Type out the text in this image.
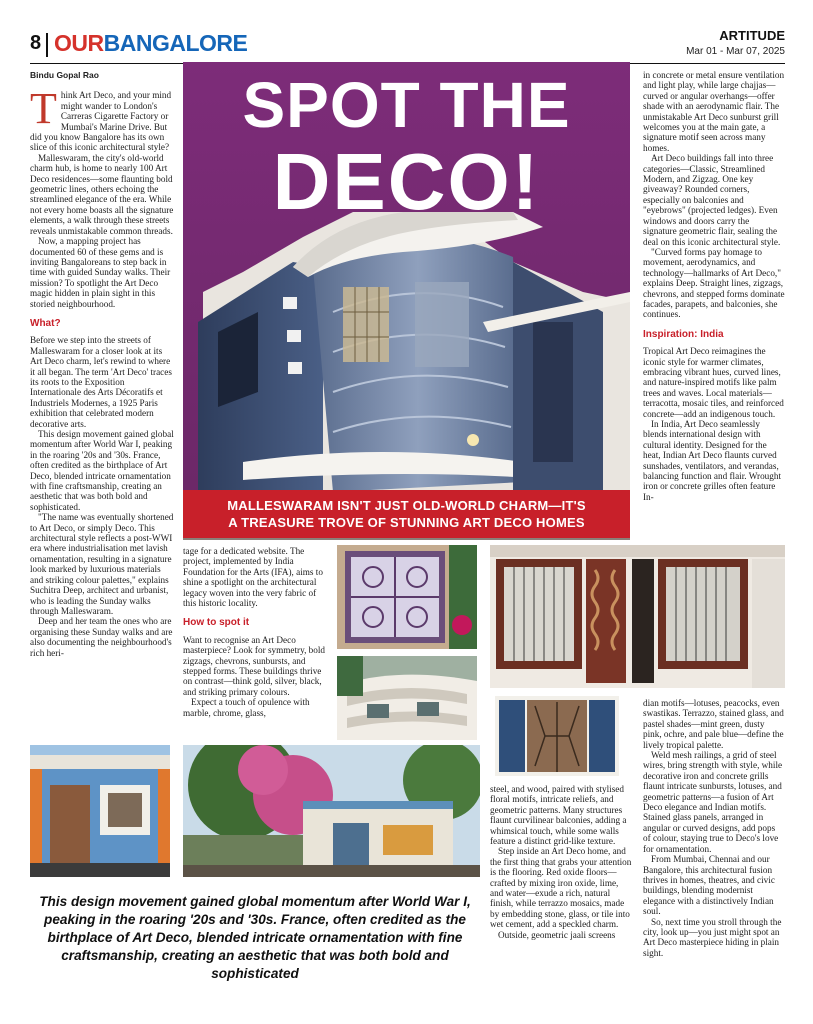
8 OURBANGALORE	ARTITUDE
Mar 01 - Mar 07, 2025
Bindu Gopal Rao

Think Art Deco, and your mind might wander to London's Carreras Cigarette Factory or Mumbai's Marine Drive. But did you know Bangalore has its own slice of this iconic architectural style?

Malleswaram, the city's old-world charm hub, is home to nearly 100 Art Deco residences—some flaunting bold geometric lines, others echoing the streamlined elegance of the era. While not every home boasts all the signature elements, a walk through these streets reveals unmistakable common threads.

Now, a mapping project has documented 60 of these gems and is inviting Bangaloreans to step back in time with guided Sunday walks. Their mission? To spotlight the Art Deco magic hidden in plain sight in this storied neighbourhood.

What?

Before we step into the streets of Malleswaram for a closer look at its Art Deco charm, let's rewind to where it all began. The term 'Art Deco' traces its roots to the Exposition Internationale des Arts Décoratifs et Industriels Modernes, a 1925 Paris exhibition that celebrated modern decorative arts.

This design movement gained global momentum after World War I, peaking in the roaring '20s and '30s. France, often credited as the birthplace of Art Deco, blended intricate ornamentation with fine craftsmanship, creating an aesthetic that was both bold and sophisticated.

"The name was eventually shortened to Art Deco, or simply Deco. This architectural style reflects a post-WWI era where industrialisation met lavish ornamentation, resulting in a signature look marked by luxurious materials and striking colour palettes," explains Suchitra Deep, architect and urbanist, who is leading the Sunday walks through Malleswaram.

Deep and her team the ones who are organising these Sunday walks and are also documenting the neighbourhood's rich heri-

SPOT THE
DECO!
MALLESWARAM ISN'T JUST OLD-WORLD CHARM—IT'S
A TREASURE TROVE OF STUNNING ART DECO HOMES

in concrete or metal ensure ventilation and light play, while large chajjas—curved or angular overhangs—offer shade with an aerodynamic flair. The unmistakable Art Deco sunburst grill welcomes you at the main gate, a signature motif seen across many homes.

Art Deco buildings fall into three categories—Classic, Streamlined Modern, and Zigzag. One key giveaway? Rounded corners, especially on balconies and "eyebrows" (projected ledges). Even windows and doors carry the signature geometric flair, sealing the deal on this iconic architectural style.

"Curved forms pay homage to movement, aerodynamics, and technology—hallmarks of Art Deco," explains Deep. Straight lines, zigzags, chevrons, and stepped forms dominate facades, parapets, and balconies, she continues.

Inspiration: India

Tropical Art Deco reimagines the iconic style for warmer climates, embracing vibrant hues, curved lines, and nature-inspired motifs like palm trees and waves. Local materials—terracotta, mosaic tiles, and reinforced concrete—add an indigenous touch.

In India, Art Deco seamlessly blends international design with cultural identity. Designed for the heat, Indian Art Deco flaunts curved sunshades, ventilators, and verandas, balancing function and flair. Wrought iron or concrete grilles often feature In-

tage for a dedicated website. The project, implemented by India Foundation for the Arts (IFA), aims to shine a spotlight on the architectural legacy woven into the very fabric of this historic locality.

How to spot it

Want to recognise an Art Deco masterpiece? Look for symmetry, bold zigzags, chevrons, sunbursts, and stepped forms. These buildings thrive on contrast—think gold, silver, black, and striking primary colours.

Expect a touch of opulence with marble, chrome, glass,

steel, and wood, paired with stylised floral motifs, intricate reliefs, and geometric patterns. Many structures flaunt curvilinear balconies, adding a whimsical touch, while some walls feature a distinct grid-like texture.

Step inside an Art Deco home, and the first thing that grabs your attention is the flooring. Red oxide floors—crafted by mixing iron oxide, lime, and water—exude a rich, natural finish, while terrazzo mosaics, made by embedding stone, glass, or tile into wet cement, add a speckled charm.

Outside, geometric jaali screens

dian motifs—lotuses, peacocks, even swastikas. Terrazzo, stained glass, and pastel shades—mint green, dusty pink, ochre, and pale blue—define the lively tropical palette.

Weld mesh railings, a grid of steel wires, bring strength with style, while decorative iron and concrete grills flaunt intricate sunbursts, lotuses, and geometric patterns—a fusion of Art Deco elegance and Indian motifs. Stained glass panels, arranged in angular or curved designs, add pops of colour, staying true to Deco's love for ornamentation.

From Mumbai, Chennai and our Bangalore, this architectural fusion thrives in homes, theatres, and civic buildings, blending modernist elegance with a distinctively Indian soul.

So, next time you stroll through the city, look up—you just might spot an Art Deco masterpiece hiding in plain sight.

This design movement gained global momentum after World War I, peaking in the roaring '20s and '30s. France, often credited as the birthplace of Art Deco, blended intricate ornamentation with fine craftsmanship, creating an aesthetic that was both bold and sophisticated
